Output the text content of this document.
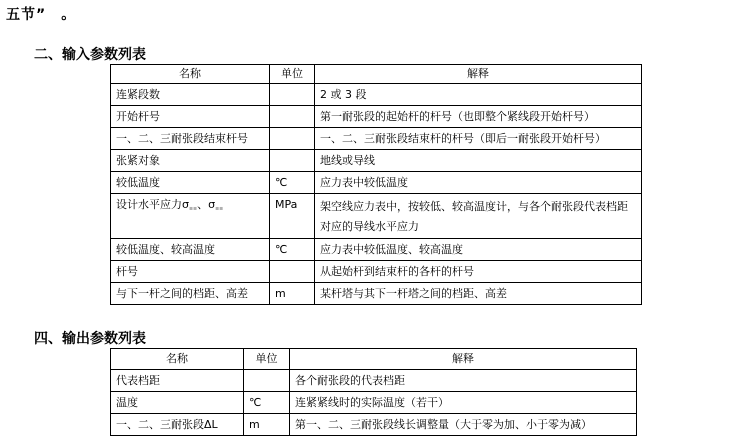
五节”　。
二、输入参数列表
名称	单位	解释
连紧段数		2 或 3 段
开始杆号		第一耐张段的起始杆的杆号（也即整个紧线段开始杆号）
一、二、三耐张段结束杆号		一、二、三耐张段结束杆的杆号（即后一耐张段开始杆号）
张紧对象		地线或导线
较低温度	℃	应力表中较低温度
设计水平应力$\sigma_{▪▪}$、$\sigma_{▪▪}$	MPa	架空线应力表中，按较低、较高温度计，与各个耐张段代表档距对应的导线水平应力
较低温度、较高温度	℃	应力表中较低温度、较高温度
杆号		从起始杆到结束杆的各杆的杆号
与下一杆之间的档距、高差	m	某杆塔与其下一杆塔之间的档距、高差
四、输出参数列表
名称	单位	解释
代表档距		各个耐张段的代表档距
温度	℃	连紧紧线时的实际温度（若干）
一、二、三耐张段ΔL	m	第一、二、三耐张段线长调整量（大于零为加、小于零为减）
